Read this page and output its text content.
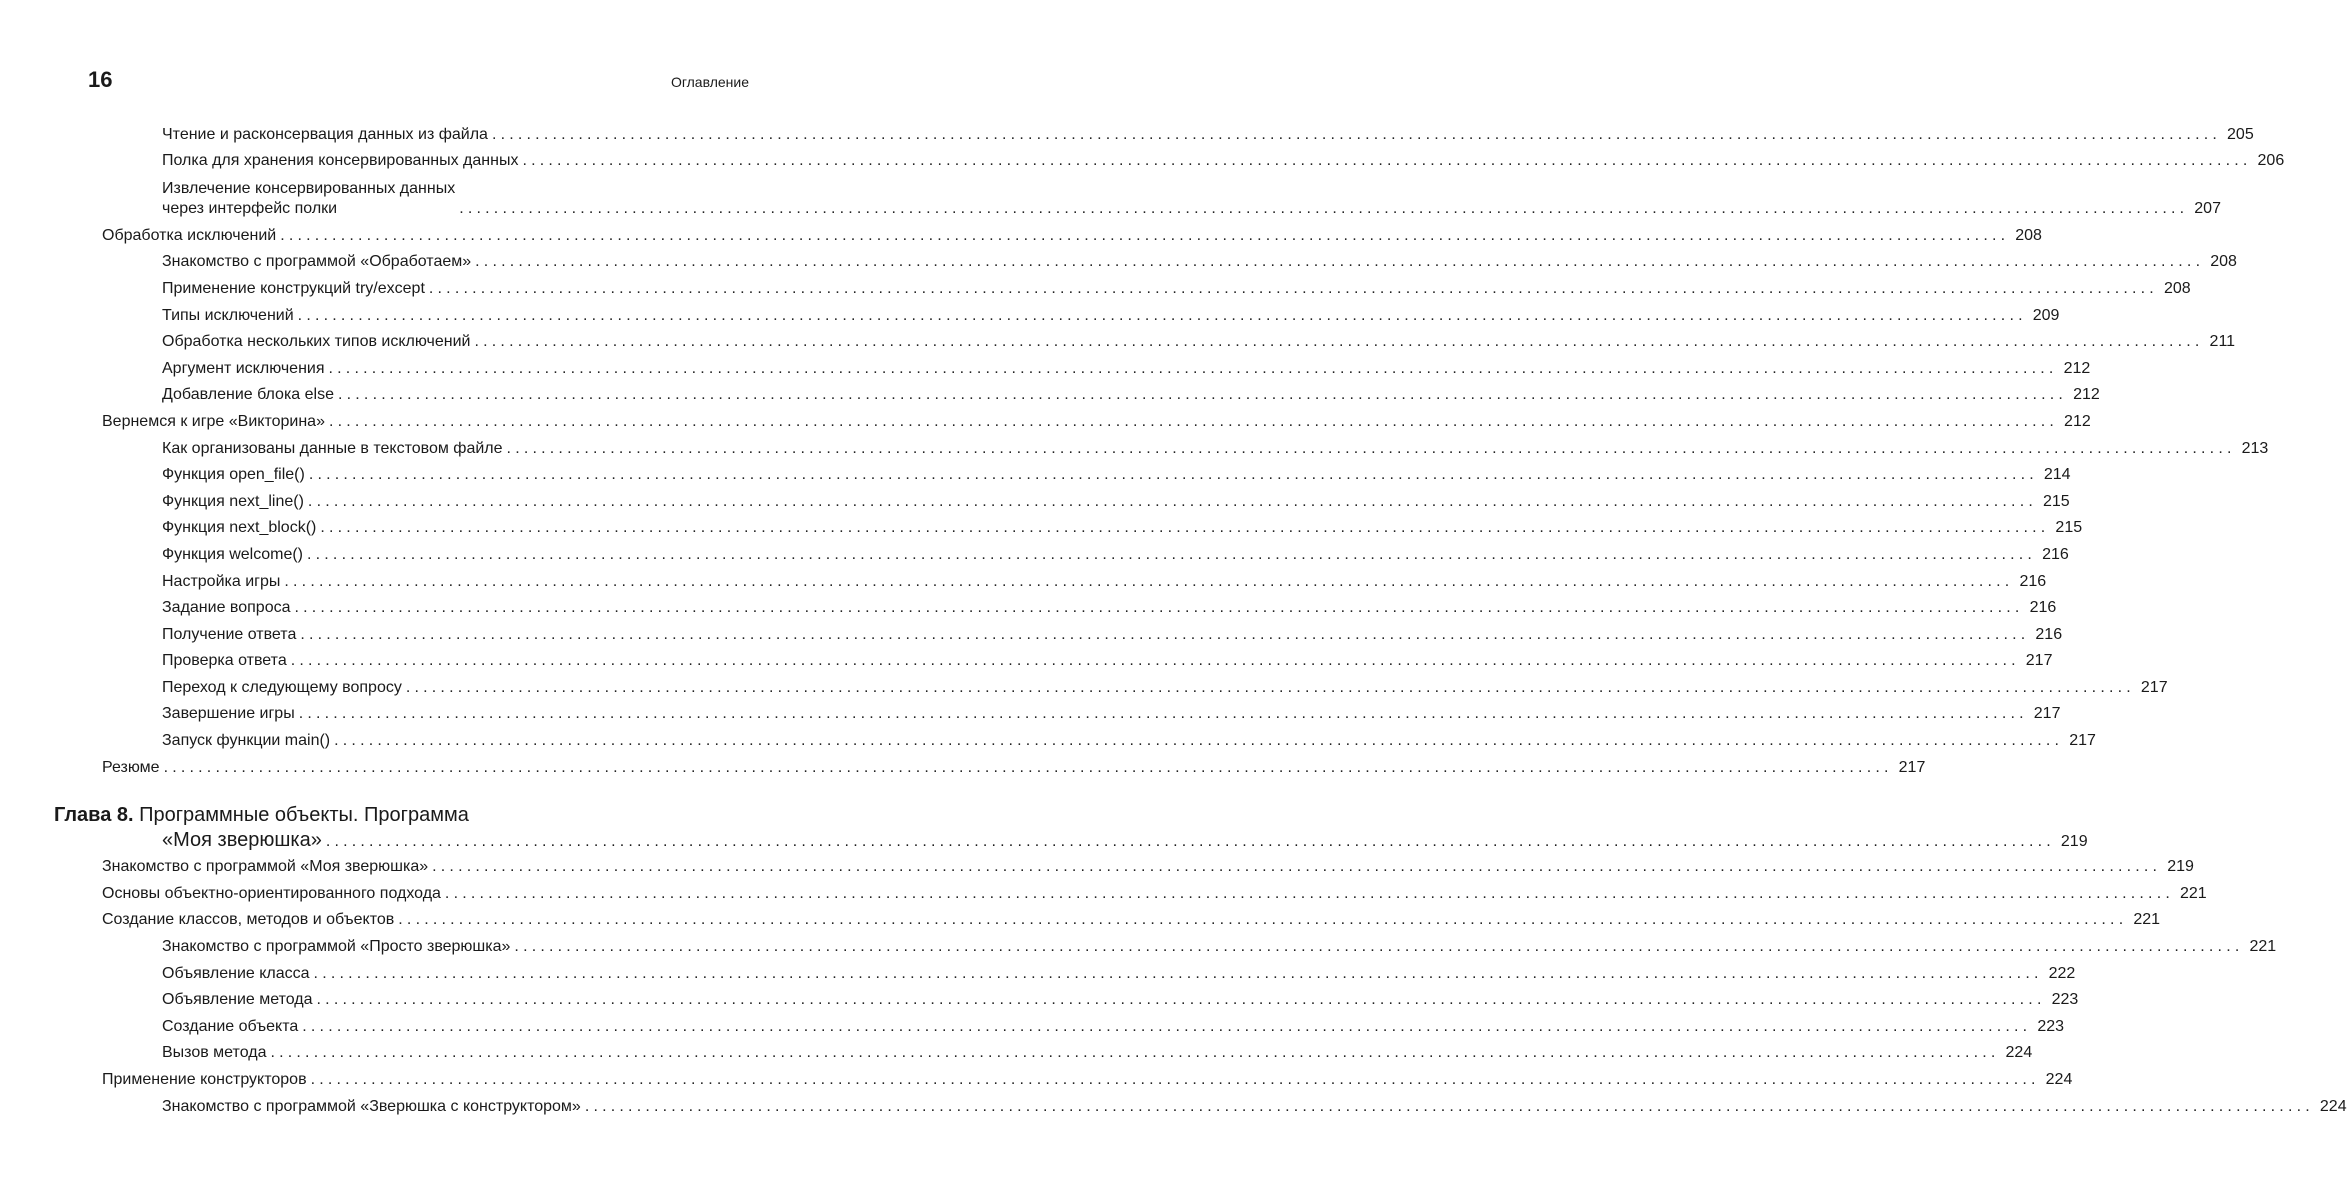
16	Оглавление
Чтение и расконсервация данных из файла ........................................................................................................................................................................................................ 205
Полка для хранения консервированных данных ........................................................................................................................................................................................................ 206
Извлечение консервированных данных
через интерфейс полки	........................................................................................................................................................................................................ 207
Обработка исключений ........................................................................................................................................................................................................ 208
Знакомство с программой «Обработаем» ........................................................................................................................................................................................................ 208
Применение конструкций try/except ........................................................................................................................................................................................................ 208
Типы исключений ........................................................................................................................................................................................................ 209
Обработка нескольких типов исключений ........................................................................................................................................................................................................ 211
Аргумент исключения ........................................................................................................................................................................................................ 212
Добавление блока else ........................................................................................................................................................................................................ 212
Вернемся к игре «Викторина» ........................................................................................................................................................................................................ 212
Как организованы данные в текстовом файле ........................................................................................................................................................................................................ 213
Функция open_file() ........................................................................................................................................................................................................ 214
Функция next_line() ........................................................................................................................................................................................................ 215
Функция next_block() ........................................................................................................................................................................................................ 215
Функция welcome() ........................................................................................................................................................................................................ 216
Настройка игры ........................................................................................................................................................................................................ 216
Задание вопроса ........................................................................................................................................................................................................ 216
Получение ответа ........................................................................................................................................................................................................ 216
Проверка ответа ........................................................................................................................................................................................................ 217
Переход к следующему вопросу ........................................................................................................................................................................................................ 217
Завершение игры ........................................................................................................................................................................................................ 217
Запуск функции main() ........................................................................................................................................................................................................ 217
Резюме ........................................................................................................................................................................................................ 217
Глава 8. Программные объекты. Программа
«Моя зверюшка» ........................................................................................................................................................................................................ 219
Знакомство с программой «Моя зверюшка» ........................................................................................................................................................................................................ 219
Основы объектно-ориентированного подхода ........................................................................................................................................................................................................ 221
Создание классов, методов и объектов ........................................................................................................................................................................................................ 221
Знакомство с программой «Просто зверюшка» ........................................................................................................................................................................................................ 221
Объявление класса ........................................................................................................................................................................................................ 222
Объявление метода ........................................................................................................................................................................................................ 223
Создание объекта ........................................................................................................................................................................................................ 223
Вызов метода ........................................................................................................................................................................................................ 224
Применение конструкторов ........................................................................................................................................................................................................ 224
Знакомство с программой «Зверюшка с конструктором» ........................................................................................................................................................................................................ 224
